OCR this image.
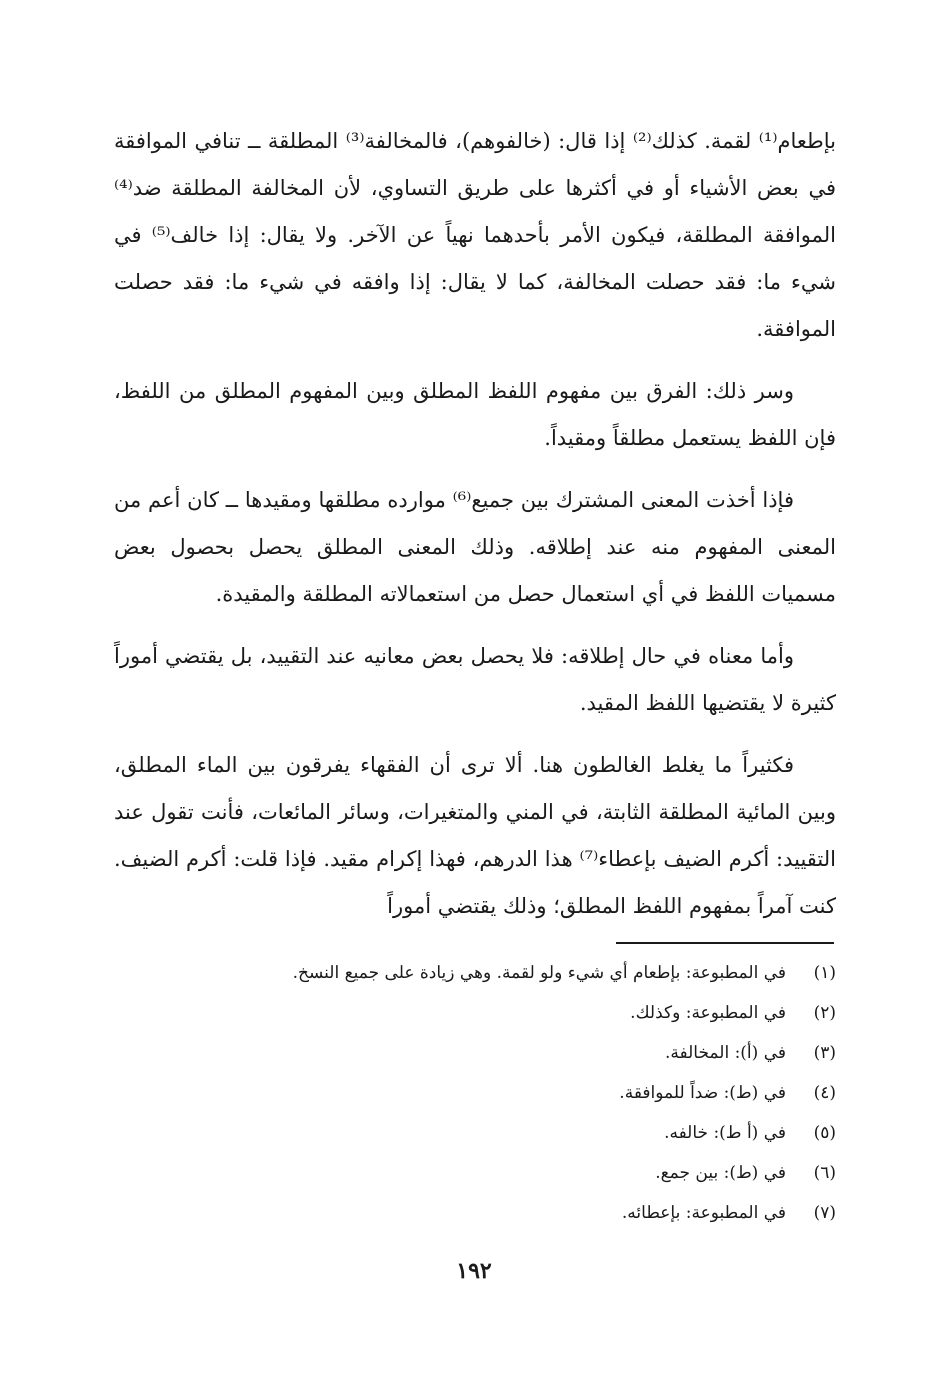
بإطعام⁽¹⁾ لقمة. كذلك⁽²⁾ إذا قال: (خالفوهم)، فالمخالفة⁽³⁾ المطلقة ــ تنافي الموافقة في بعض الأشياء أو في أكثرها على طريق التساوي، لأن المخالفة المطلقة ضد⁽⁴⁾ الموافقة المطلقة، فيكون الأمر بأحدهما نهياً عن الآخر. ولا يقال: إذا خالف⁽⁵⁾ في شيء ما: فقد حصلت المخالفة، كما لا يقال: إذا وافقه في شيء ما: فقد حصلت الموافقة.

وسر ذلك: الفرق بين مفهوم اللفظ المطلق وبين المفهوم المطلق من اللفظ، فإن اللفظ يستعمل مطلقاً ومقيداً.

فإذا أخذت المعنى المشترك بين جميع⁽⁶⁾ موارده مطلقها ومقيدها ــ كان أعم من المعنى المفهوم منه عند إطلاقه. وذلك المعنى المطلق يحصل بحصول بعض مسميات اللفظ في أي استعمال حصل من استعمالاته المطلقة والمقيدة.

وأما معناه في حال إطلاقه: فلا يحصل بعض معانيه عند التقييد، بل يقتضي أموراً كثيرة لا يقتضيها اللفظ المقيد.

فكثيراً ما يغلط الغالطون هنا. ألا ترى أن الفقهاء يفرقون بين الماء المطلق، وبين المائية المطلقة الثابتة، في المني والمتغيرات، وسائر المائعات، فأنت تقول عند التقييد: أكرم الضيف بإعطاء⁽⁷⁾ هذا الدرهم، فهذا إكرام مقيد. فإذا قلت: أكرم الضيف. كنت آمراً بمفهوم اللفظ المطلق؛ وذلك يقتضي أموراً

(١)
في المطبوعة: بإطعام أي شيء ولو لقمة. وهي زيادة على جميع النسخ.
(٢)
في المطبوعة: وكذلك.
(٣)
في (أ): المخالفة.
(٤)
في (ط): ضداً للموافقة.
(٥)
في (أ ط): خالفه.
(٦)
في (ط): بين جمع.
(٧)
في المطبوعة: بإعطائه.
١٩٢
